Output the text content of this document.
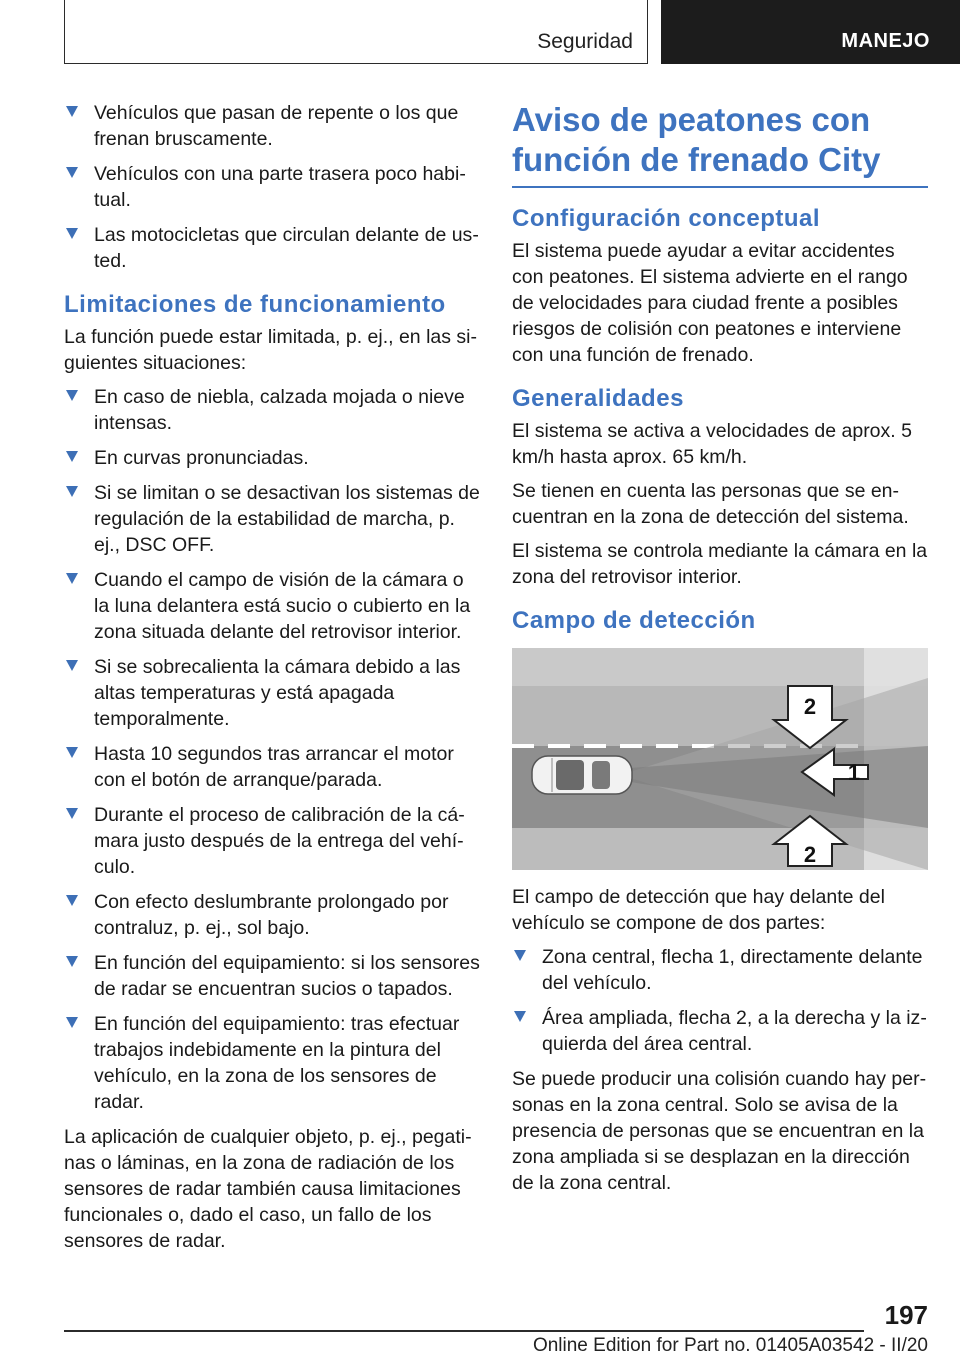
Seguridad	MANEJO
Vehículos que pasan de repente o los que frenan bruscamente.
Vehículos con una parte trasera poco habitual.
Las motocicletas que circulan delante de usted.
Limitaciones de funcionamiento

La función puede estar limitada, p. ej., en las siguientes situaciones:

En caso de niebla, calzada mojada o nieve intensas.
En curvas pronunciadas.
Si se limitan o se desactivan los sistemas de regulación de la estabilidad de marcha, p. ej., DSC OFF.
Cuando el campo de visión de la cámara o la luna delantera está sucio o cubierto en la zona situada delante del retrovisor interior.
Si se sobrecalienta la cámara debido a las altas temperaturas y está apagada temporalmente.
Hasta 10 segundos tras arrancar el motor con el botón de arranque/parada.
Durante el proceso de calibración de la cámara justo después de la entrega del vehículo.
Con efecto deslumbrante prolongado por contraluz, p. ej., sol bajo.
En función del equipamiento: si los sensores de radar se encuentran sucios o tapados.
En función del equipamiento: tras efectuar trabajos indebidamente en la pintura del vehículo, en la zona de los sensores de radar.

La aplicación de cualquier objeto, p. ej., pegatinas o láminas, en la zona de radiación de los sensores de radar también causa limitaciones funcionales o, dado el caso, un fallo de los sensores de radar.

Aviso de peatones con función de frenado City
Configuración conceptual

El sistema puede ayudar a evitar accidentes con peatones. El sistema advierte en el rango de velocidades para ciudad frente a posibles riesgos de colisión con peatones e interviene con una función de frenado.

Generalidades

El sistema se activa a velocidades de aprox. 5 km/h hasta aprox. 65 km/h.

Se tienen en cuenta las personas que se encuentran en la zona de detección del sistema.

El sistema se controla mediante la cámara en la zona del retrovisor interior.

Campo de detección
2
1
2

El campo de detección que hay delante del vehículo se compone de dos partes:

Zona central, flecha 1, directamente delante del vehículo.
Área ampliada, flecha 2, a la derecha y la izquierda del área central.

Se puede producir una colisión cuando hay personas en la zona central. Solo se avisa de la presencia de personas que se encuentran en la zona ampliada si se desplazan en la dirección de la zona central.

197
Online Edition for Part no. 01405A03542 - II/20
